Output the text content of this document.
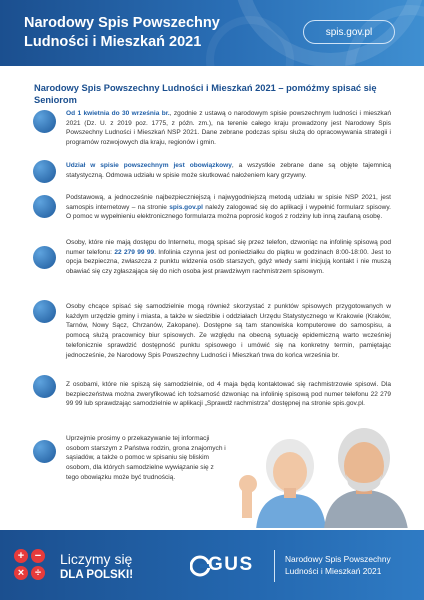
Narodowy Spis Powszechny
Ludności i Mieszkań 2021
spis.gov.pl
Narodowy Spis Powszechny Ludności i Mieszkań 2021 – pomóżmy spisać się Seniorom
Od 1 kwietnia do 30 września br., zgodnie z ustawą o narodowym spisie powszechnym ludności i mieszkań 2021 (Dz. U. z 2019 poz. 1775, z późn. zm.), na terenie całego kraju prowadzony jest Narodowy Spis Powszechny Ludności i Mieszkań NSP 2021. Dane zebrane podczas spisu służą do opracowywania strategii i programów rozwojowych dla kraju, regionów i gmin.
Udział w spisie powszechnym jest obowiązkowy, a wszystkie zebrane dane są objęte tajemnicą statystyczną. Odmowa udziału w spisie może skutkować nałożeniem kary grzywny.
Podstawową, a jednocześnie najbezpieczniejszą i najwygodniejszą metodą udziału w spisie NSP 2021, jest samospis internetowy – na stronie spis.gov.pl należy zalogować się do aplikacji i wypełnić formularz spisowy. O pomoc w wypełnieniu elektronicznego formularza można poprosić kogoś z rodziny lub inną zaufaną osobę.
Osoby, które nie mają dostępu do Internetu, mogą spisać się przez telefon, dzwoniąc na infolinię spisową pod numer telefonu: 22 279 99 99. Infolinia czynna jest od poniedziałku do piątku w godzinach 8:00-18:00. Jest to opcja bezpieczna, zwłaszcza z punktu widzenia osób starszych, gdyż wtedy sami inicjują kontakt i nie muszą obawiać się czy zgłaszająca się do nich osoba jest prawdziwym rachmistrzem spisowym.
Osoby chcące spisać się samodzielnie mogą również skorzystać z punktów spisowych przygotowanych w każdym urzędzie gminy i miasta, a także w siedzibie i oddziałach Urzędu Statystycznego w Krakowie (Kraków, Tarnów, Nowy Sącz, Chrzanów, Zakopane). Dostępne są tam stanowiska komputerowe do samospisu, a pomocą służą pracownicy biur spisowych. Ze względu na obecną sytuację epidemiczną warto wcześniej telefonicznie sprawdzić dostępność punktu spisowego i umówić się na konkretny termin, pamiętając jednocześnie, że Narodowy Spis Powszechny Ludności i Mieszkań trwa do końca września br.
Z osobami, które nie spiszą się samodzielnie, od 4 maja będą kontaktować się rachmistrzowie spisowi. Dla bezpieczeństwa można zweryfikować ich tożsamość dzwoniąc na infolinię spisową pod numer telefonu 22 279 99 99 lub sprawdzając samodzielnie w aplikacji „Sprawdź rachmistrza” dostępnej na stronie spis.gov.pl.
Uprzejmie prosimy o przekazywanie tej informacji osobom starszym z Państwa rodzin, grona znajomych i sąsiadów, a także o pomoc w spisaniu się bliskim osobom, dla których samodzielne wywiązanie się z tego obowiązku może być trudnością.
+ −
× ÷
Liczymy się
DLA POLSKI!	GUS	Narodowy Spis Powszechny
Ludności i Mieszkań 2021
